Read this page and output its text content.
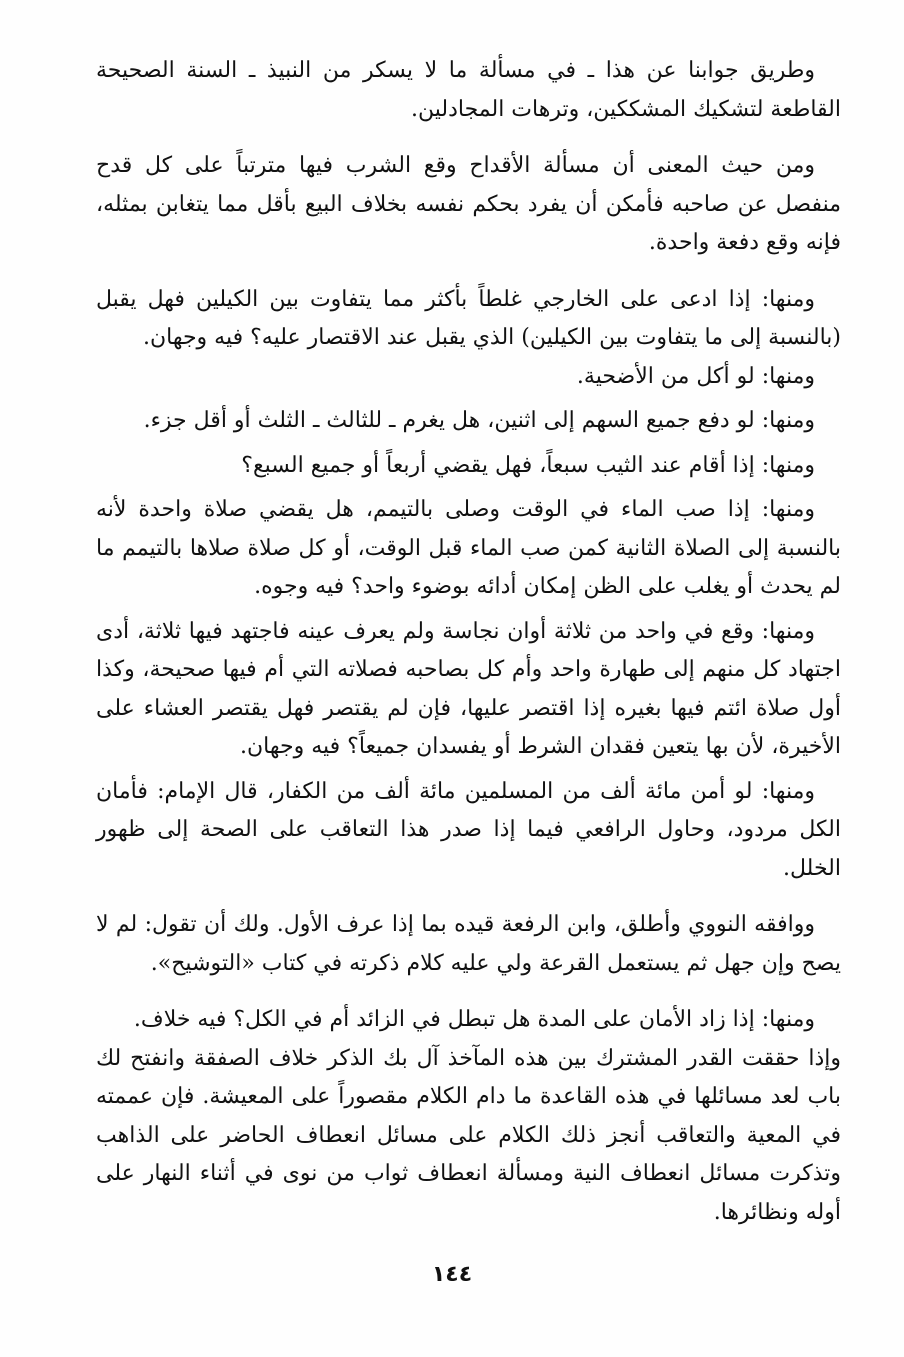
وطريق جوابنا عن هذا ـ في مسألة ما لا يسكر من النبيذ ـ السنة الصحيحة القاطعة لتشكيك المشككين، وترهات المجادلين.

ومن حيث المعنى أن مسألة الأقداح وقع الشرب فيها مترتباً على كل قدح منفصل عن صاحبه فأمكن أن يفرد بحكم نفسه بخلاف البيع بأقل مما يتغابن بمثله، فإنه وقع دفعة واحدة.

ومنها: إذا ادعى على الخارجي غلطاً بأكثر مما يتفاوت بين الكيلين فهل يقبل (بالنسبة إلى ما يتفاوت بين الكيلين) الذي يقبل عند الاقتصار عليه؟ فيه وجهان.

ومنها: لو أكل من الأضحية.

ومنها: لو دفع جميع السهم إلى اثنين، هل يغرم ـ للثالث ـ الثلث أو أقل جزء.

ومنها: إذا أقام عند الثيب سبعاً، فهل يقضي أربعاً أو جميع السبع؟

ومنها: إذا صب الماء في الوقت وصلى بالتيمم، هل يقضي صلاة واحدة لأنه بالنسبة إلى الصلاة الثانية كمن صب الماء قبل الوقت، أو كل صلاة صلاها بالتيمم ما لم يحدث أو يغلب على الظن إمكان أدائه بوضوء واحد؟ فيه وجوه.

ومنها: وقع في واحد من ثلاثة أوان نجاسة ولم يعرف عينه فاجتهد فيها ثلاثة، أدى اجتهاد كل منهم إلى طهارة واحد وأم كل بصاحبه فصلاته التي أم فيها صحيحة، وكذا أول صلاة ائتم فيها بغيره إذا اقتصر عليها، فإن لم يقتصر فهل يقتصر العشاء على الأخيرة، لأن بها يتعين فقدان الشرط أو يفسدان جميعاً؟ فيه وجهان.

ومنها: لو أمن مائة ألف من المسلمين مائة ألف من الكفار، قال الإمام: فأمان الكل مردود، وحاول الرافعي فيما إذا صدر هذا التعاقب على الصحة إلى ظهور الخلل.

ووافقه النووي وأطلق، وابن الرفعة قيده بما إذا عرف الأول. ولك أن تقول: لم لا يصح وإن جهل ثم يستعمل القرعة ولي عليه كلام ذكرته في كتاب «التوشيح».

ومنها: إذا زاد الأمان على المدة هل تبطل في الزائد أم في الكل؟ فيه خلاف.

وإذا حققت القدر المشترك بين هذه المآخذ آل بك الذكر خلاف الصفقة وانفتح لك باب لعد مسائلها في هذه القاعدة ما دام الكلام مقصوراً على المعيشة. فإن عممته في المعية والتعاقب أنجز ذلك الكلام على مسائل انعطاف الحاضر على الذاهب وتذكرت مسائل انعطاف النية ومسألة انعطاف ثواب من نوى في أثناء النهار على أوله ونظائرها.

١٤٤
